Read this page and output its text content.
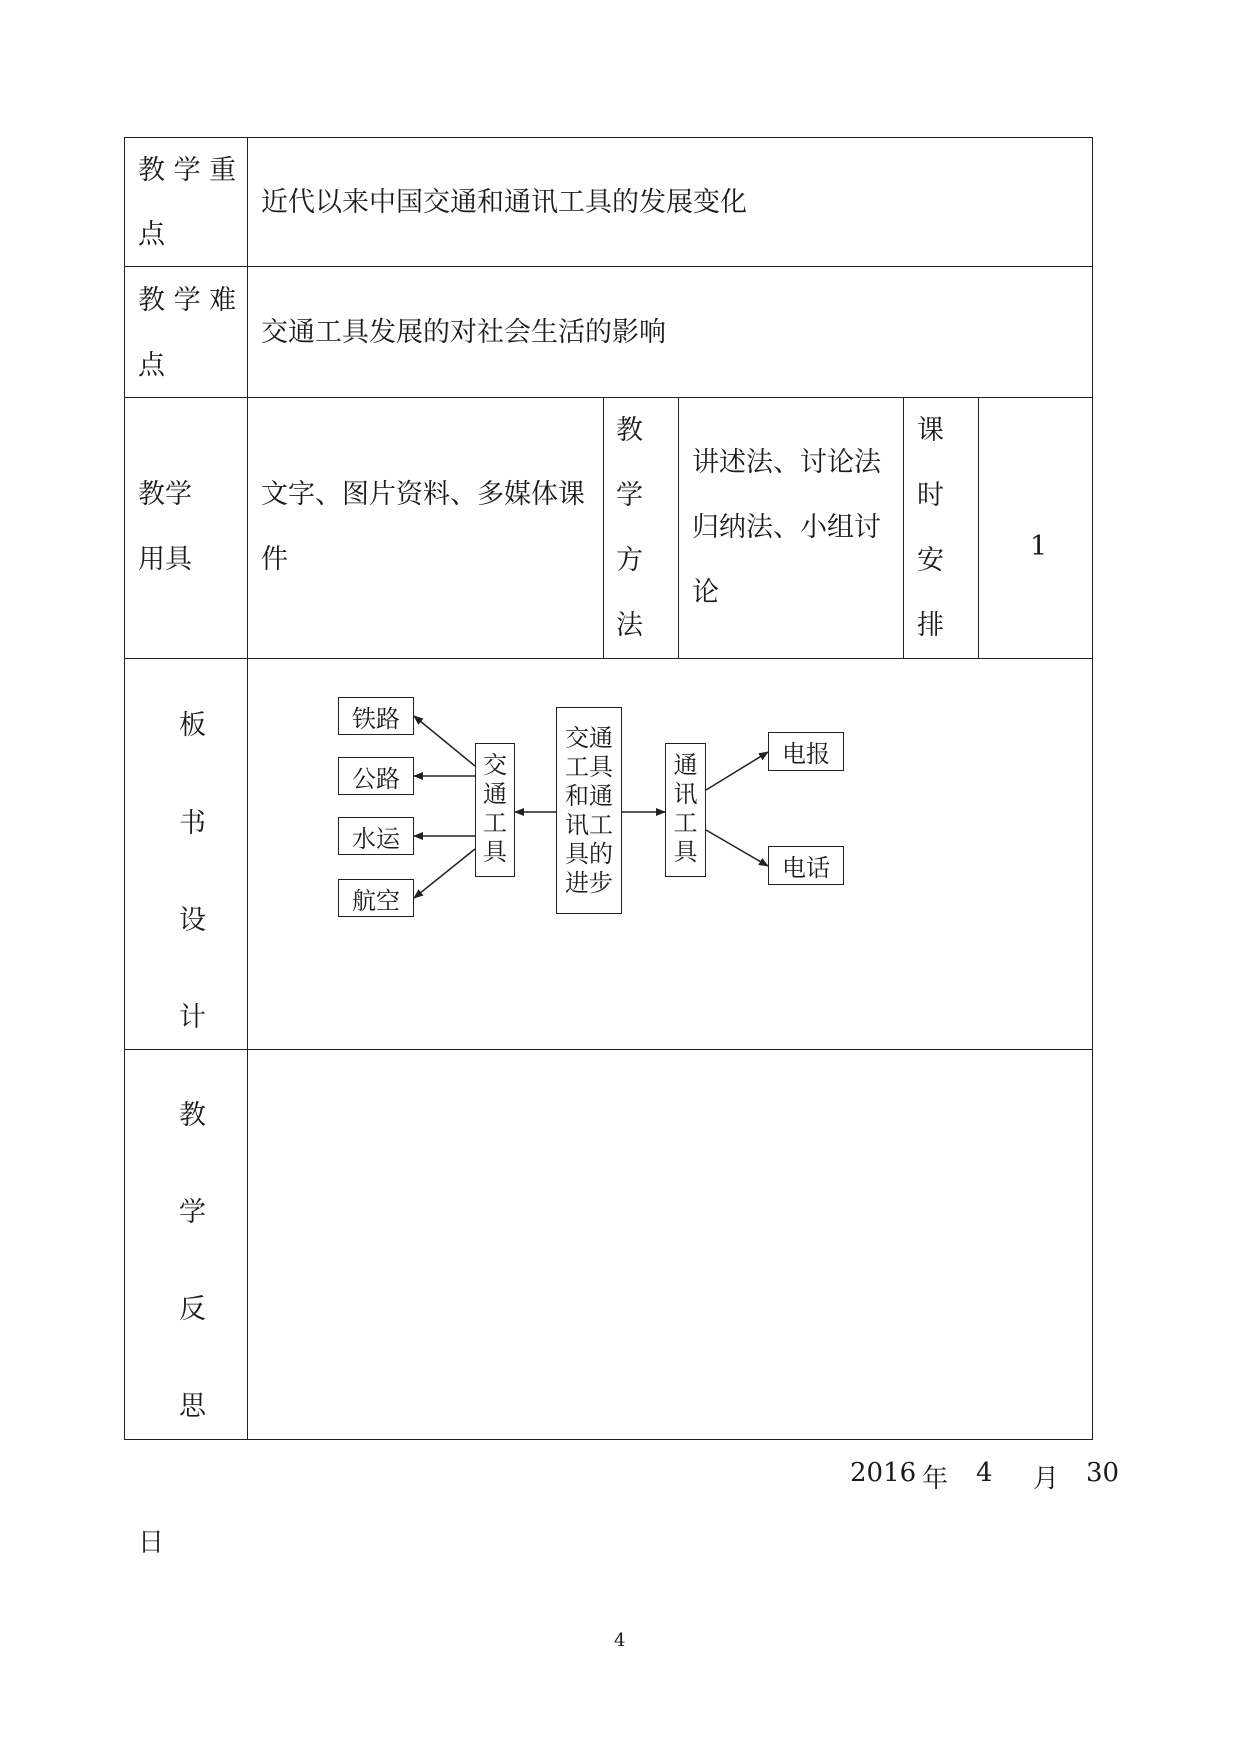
教 学 重
点
近代以来中国交通和通讯工具的发展变化
教 学 难
点
交通工具发展的对社会生活的影响
教学
用具
文字、图片资料、多媒体课
件
教
学
方
法
讲述法、讨论法
归纳法、小组讨
论
课
时
安
排
1
板
书
设
计
铁路
公路
水运
航空
交
通
工
具
交通
工具
和通
讯工
具的
进步
通
讯
工
具
电报
电话
教
学
反
思
2016 年 4 月 30
日
4
